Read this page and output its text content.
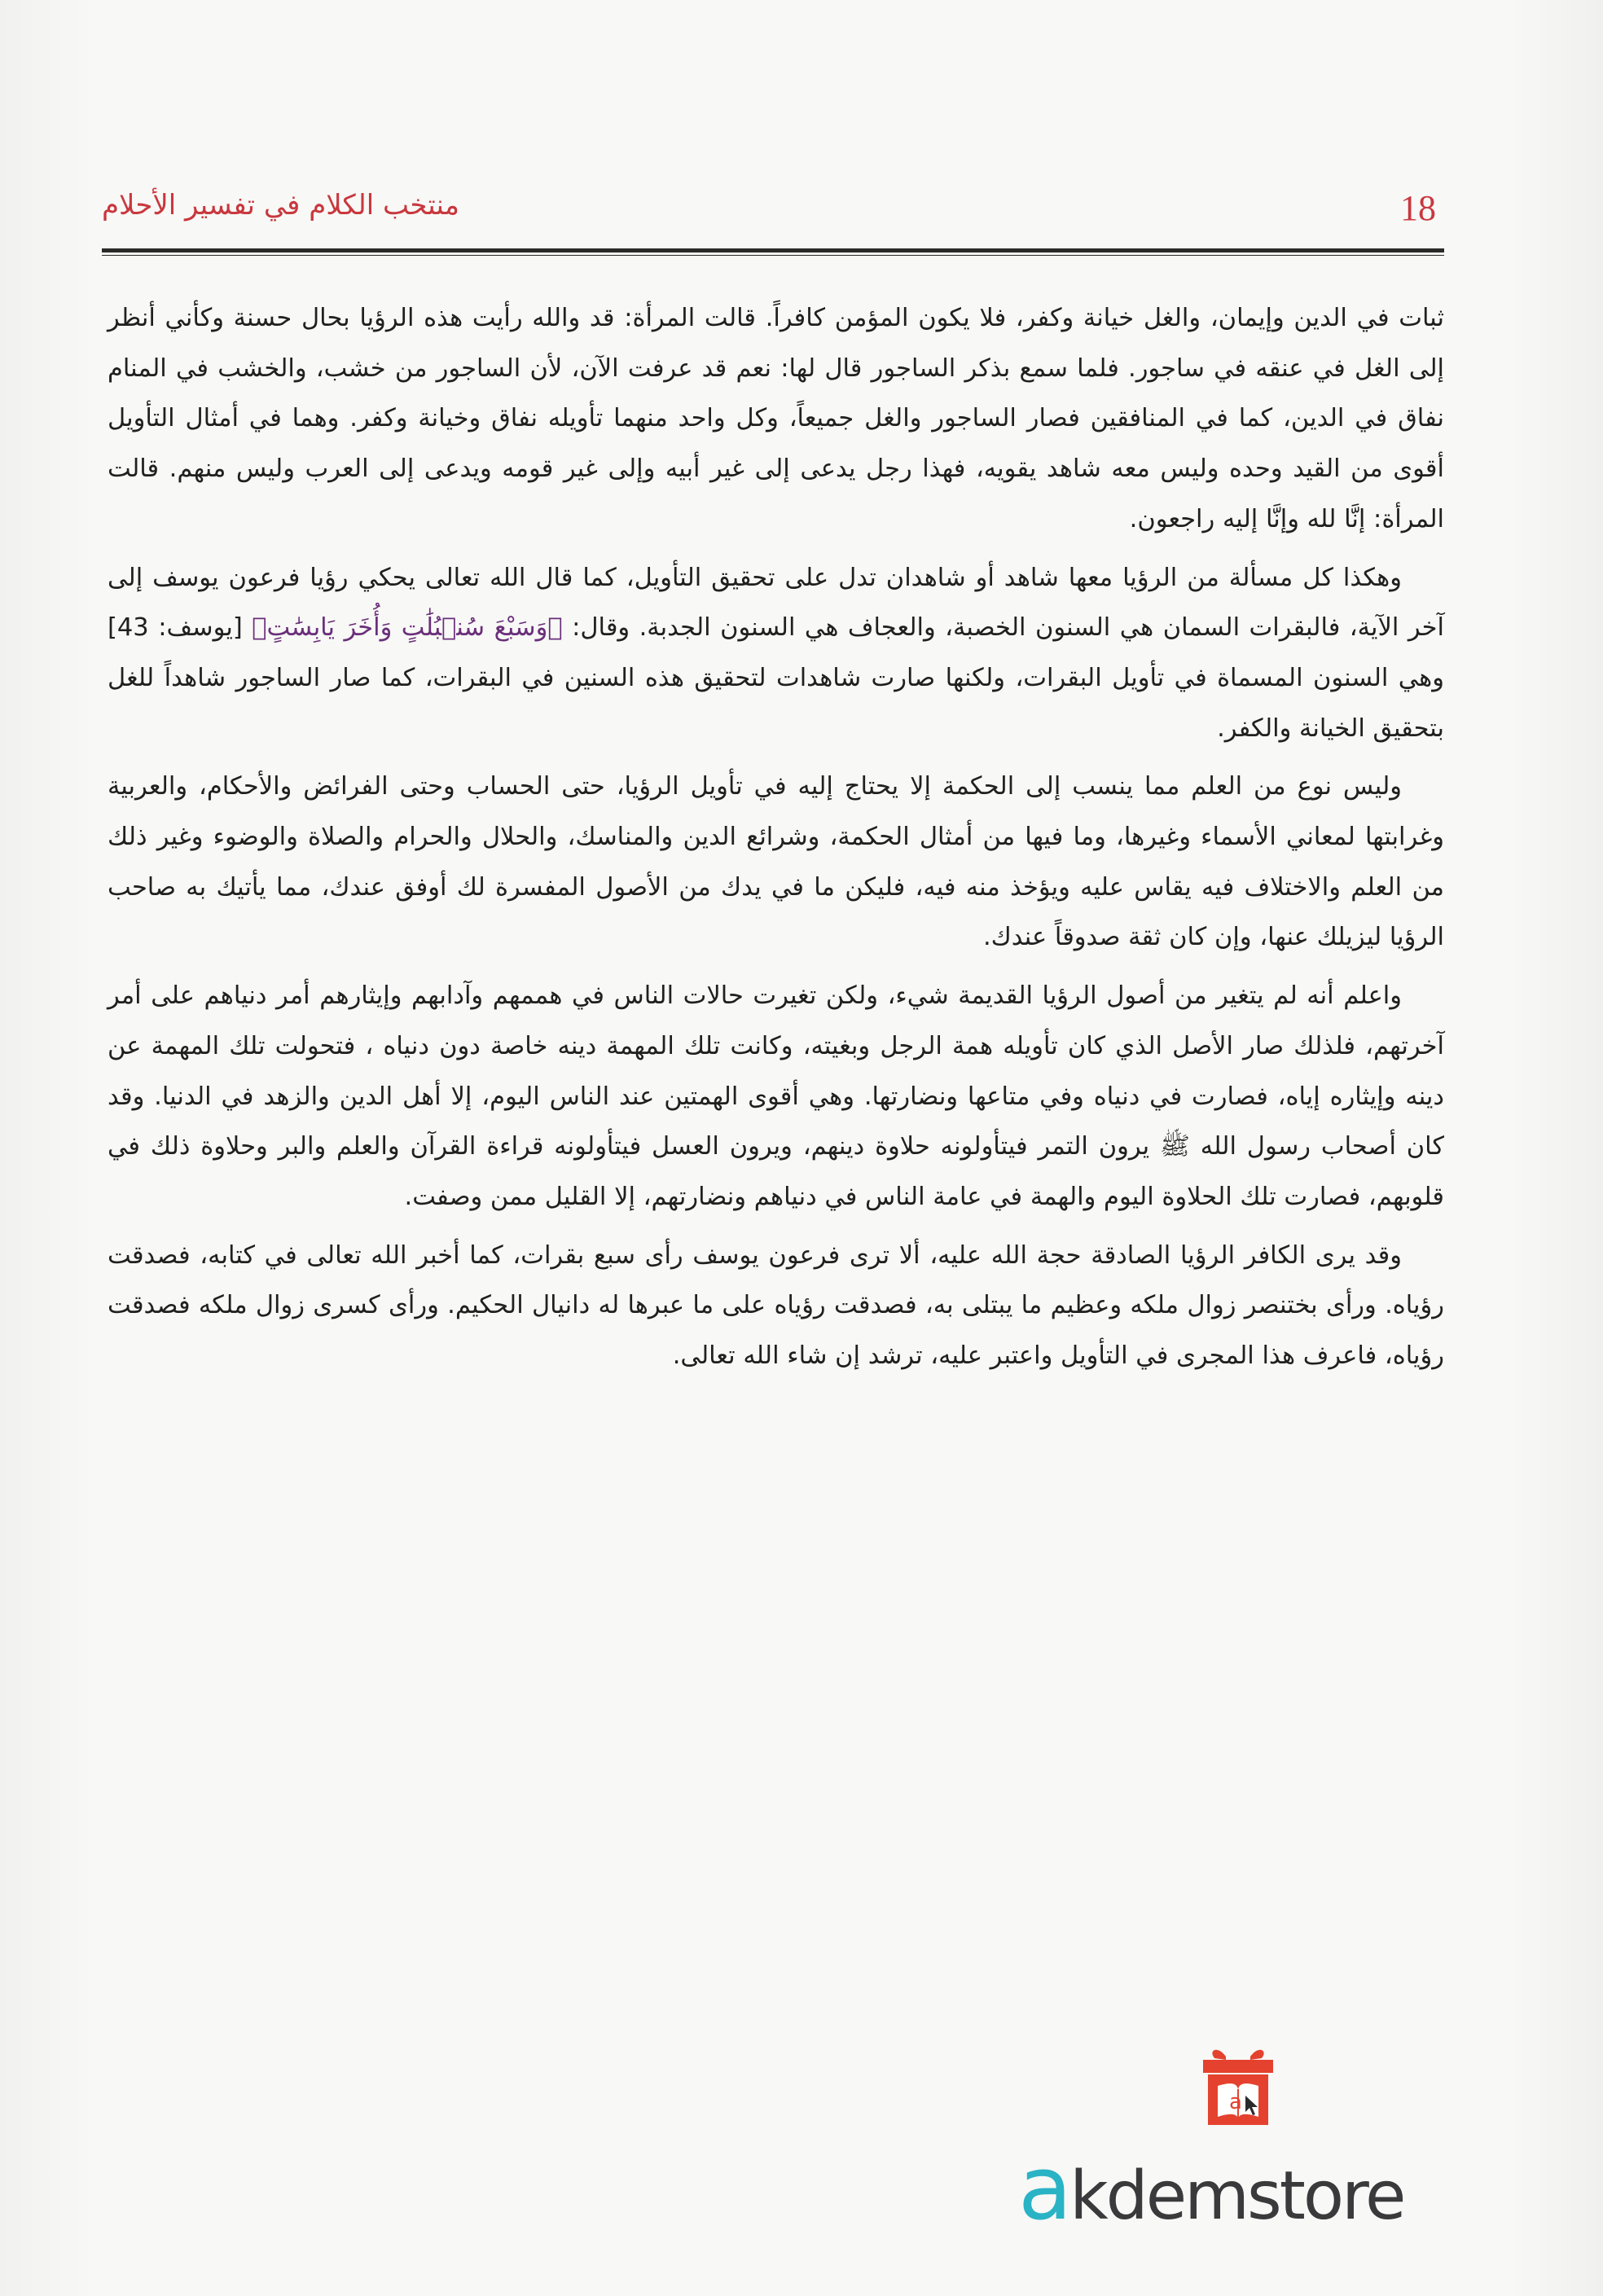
18
منتخب الكلام في تفسير الأحلام

ثبات في الدين وإيمان، والغل خيانة وكفر، فلا يكون المؤمن كافراً. قالت المرأة: قد والله رأيت هذه الرؤيا بحال حسنة وكأني أنظر إلى الغل في عنقه في ساجور. فلما سمع بذكر الساجور قال لها: نعم قد عرفت الآن، لأن الساجور من خشب، والخشب في المنام نفاق في الدين، كما في المنافقين فصار الساجور والغل جميعاً، وكل واحد منهما تأويله نفاق وخيانة وكفر. وهما في أمثال التأويل أقوى من القيد وحده وليس معه شاهد يقويه، فهذا رجل يدعى إلى غير أبيه وإلى غير قومه ويدعى إلى العرب وليس منهم. قالت المرأة: إنَّا لله وإنَّا إليه راجعون.

وهكذا كل مسألة من الرؤيا معها شاهد أو شاهدان تدل على تحقيق التأويل، كما قال الله تعالى يحكي رؤيا فرعون يوسف إلى آخر الآية، فالبقرات السمان هي السنون الخصبة، والعجاف هي السنون الجدبة. وقال: ﴿وَسَبْعَ سُنۢبُلَٰتٍ وَأُخَرَ يَابِسَٰتٍ﴾ [يوسف: 43] وهي السنون المسماة في تأويل البقرات، ولكنها صارت شاهدات لتحقيق هذه السنين في البقرات، كما صار الساجور شاهداً للغل بتحقيق الخيانة والكفر.

وليس نوع من العلم مما ينسب إلى الحكمة إلا يحتاج إليه في تأويل الرؤيا، حتى الحساب وحتى الفرائض والأحكام، والعربية وغرابتها لمعاني الأسماء وغيرها، وما فيها من أمثال الحكمة، وشرائع الدين والمناسك، والحلال والحرام والصلاة والوضوء وغير ذلك من العلم والاختلاف فيه يقاس عليه ويؤخذ منه فيه، فليكن ما في يدك من الأصول المفسرة لك أوفق عندك، مما يأتيك به صاحب الرؤيا ليزيلك عنها، وإن كان ثقة صدوقاً عندك.

واعلم أنه لم يتغير من أصول الرؤيا القديمة شيء، ولكن تغيرت حالات الناس في هممهم وآدابهم وإيثارهم أمر دنياهم على أمر آخرتهم، فلذلك صار الأصل الذي كان تأويله همة الرجل وبغيته، وكانت تلك المهمة دينه خاصة دون دنياه ، فتحولت تلك المهمة عن دينه وإيثاره إياه، فصارت في دنياه وفي متاعها ونضارتها. وهي أقوى الهمتين عند الناس اليوم، إلا أهل الدين والزهد في الدنيا. وقد كان أصحاب رسول الله ﷺ يرون التمر فيتأولونه حلاوة دينهم، ويرون العسل فيتأولونه قراءة القرآن والعلم والبر وحلاوة ذلك في قلوبهم، فصارت تلك الحلاوة اليوم والهمة في عامة الناس في دنياهم ونضارتهم، إلا القليل ممن وصفت.

وقد يرى الكافر الرؤيا الصادقة حجة الله عليه، ألا ترى فرعون يوسف رأى سبع بقرات، كما أخبر الله تعالى في كتابه، فصدقت رؤياه. ورأى بختنصر زوال ملكه وعظيم ما يبتلى به، فصدقت رؤياه على ما عبرها له دانيال الحكيم. ورأى كسرى زوال ملكه فصدقت رؤياه، فاعرف هذا المجرى في التأويل واعتبر عليه، ترشد إن شاء الله تعالى.

a
akdemstore
